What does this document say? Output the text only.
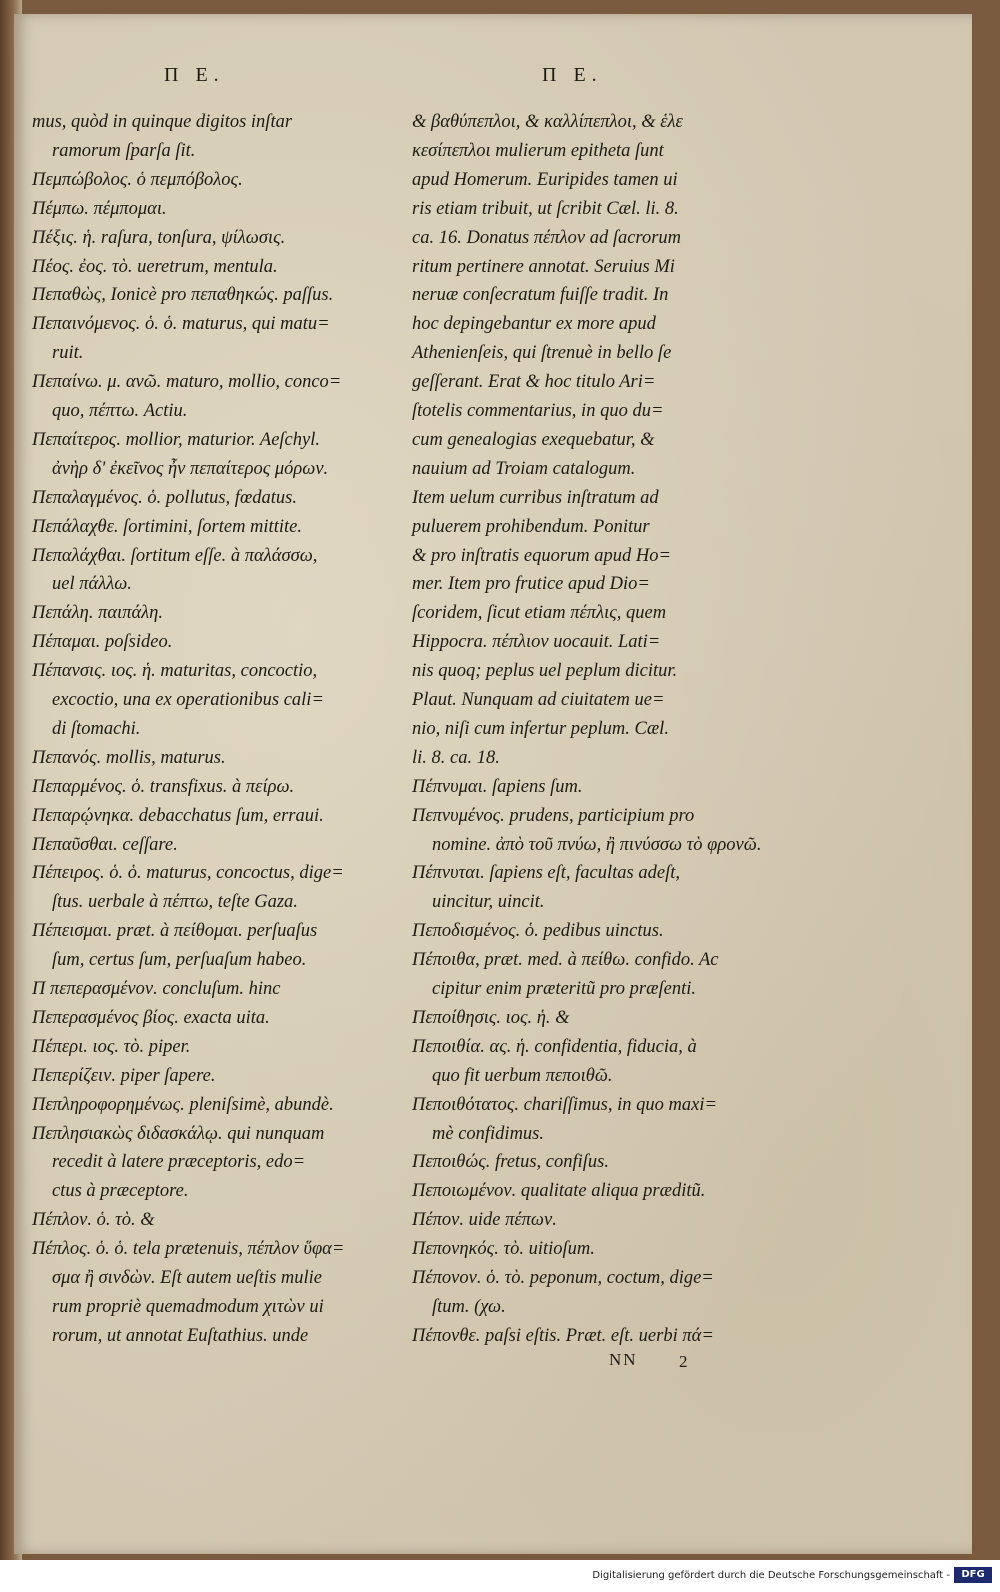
Π Ε.	Π Ε.
mus, quòd in quinque digitos inſtar
ramorum ſparſa ſit.
Πεμπώβολος. ὁ πεμπόβολος.
Πέμπω. πέμπομαι.
Πέξις. ἡ. raſura, tonſura, ψίλωσις.
Πέος. ἐος. τὸ. ueretrum, mentula.
Πεπαθὼς, Ionicè pro πεπαθηκώς. paſſus.
Πεπαινόμενος. ὁ. ὁ. maturus, qui matu=
ruit.
Πεπαίνω. μ. ανῶ. maturo, mollio, conco=
quo, πέπτω. Actiu.
Πεπαίτερος. mollior, maturior. Aeſchyl.
ἀνὴρ δ' ἐκεῖνος ἦν πεπαίτερος μόρων.
Πεπαλαγμένος. ὁ. pollutus, fœdatus.
Πεπάλαχθε. ſortimini, ſortem mittite.
Πεπαλάχθαι. ſortitum eſſe. à παλάσσω,
uel πάλλω.
Πεπάλη. παιπάλη.
Πέπαμαι. poſsideo.
Πέπανσις. ιος. ἡ. maturitas, concoctio,
excoctio, una ex operationibus cali=
di ſtomachi.
Πεπανός. mollis, maturus.
Πεπαρμένος. ὁ. transfixus. à πείρω.
Πεπαρῴνηκα. debacchatus ſum, erraui.
Πεπαῦσθαι. ceſſare.
Πέπειρος. ὁ. ὁ. maturus, concoctus, dige=
ſtus. uerbale à πέπτω, teſte Gaza.
Πέπεισμαι. præt. à πείθομαι. perſuaſus
ſum, certus ſum, perſuaſum habeo.
Π πεπερασμένον. concluſum. hinc
Πεπερασμένος βίος. exacta uita.
Πέπερι. ιος. τὸ. piper.
Πεπερίζειν. piper ſapere.
Πεπληροφορημένως. pleniſsimè, abundè.
Πεπλησιακὼς διδασκάλῳ. qui nunquam
recedit à latere præceptoris, edo=
ctus à præceptore.
Πέπλον. ὁ. τὸ. &
Πέπλος. ὁ. ὁ. tela prætenuis, πέπλον ὕφα=
σμα ἢ σινδὼν. Eſt autem ueſtis mulie
rum propriè quemadmodum χιτὼν ui
rorum, ut annotat Euſtathius. unde
& βαθύπεπλοι, & καλλίπεπλοι, & ἑλε
κεσίπεπλοι mulierum epitheta ſunt
apud Homerum. Euripides tamen ui
ris etiam tribuit, ut ſcribit Cæl. li. 8.
ca. 16. Donatus πέπλον ad ſacrorum
ritum pertinere annotat. Seruius Mi
neruæ conſecratum fuiſſe tradit. In
hoc depingebantur ex more apud
Athenienſeis, qui ſtrenuè in bello ſe
geſſerant. Erat & hoc titulo Ari=
ſtotelis commentarius, in quo du=
cum genealogias exequebatur, &
nauium ad Troiam catalogum.
Item uelum curribus inſtratum ad
puluerem prohibendum. Ponitur
& pro inſtratis equorum apud Ho=
mer. Item pro frutice apud Dio=
ſcoridem, ſicut etiam πέπλις, quem
Hippocra. πέπλιον uocauit. Lati=
nis quoq; peplus uel peplum dicitur.
Plaut. Nunquam ad ciuitatem ue=
nio, niſi cum infertur peplum. Cæl.
li. 8. ca. 18.
Πέπνυμαι. ſapiens ſum.
Πεπνυμένος. prudens, participium pro
nomine. ἀπὸ τοῦ πνύω, ἢ πινύσσω τὸ φρονῶ.
Πέπνυται. ſapiens eſt, facultas adeſt,
uincitur, uincit.
Πεποδισμένος. ὁ. pedibus uinctus.
Πέποιθα, præt. med. à πείθω. confido. Ac
cipitur enim præteritũ pro præſenti.
Πεποίθησις. ιος. ἡ. &
Πεποιθία. ας. ἡ. confidentia, fiducia, à
quo fit uerbum πεποιθῶ.
Πεποιθότατος. chariſſimus, in quo maxi=
mè confidimus.
Πεποιθώς. fretus, confiſus.
Πεποιωμένον. qualitate aliqua præditũ.
Πέπον. uide πέπων.
Πεπονηκός. τὸ. uitioſum.
Πέπονον. ὁ. τὸ. peponum, coctum, dige=
ſtum. (χω.
Πέπονθε. paſsi eſtis. Præt. eſt. uerbi πά=
NN 2
Digitalisierung gefördert durch die Deutsche Forschungsgemeinschaft -	DFG
